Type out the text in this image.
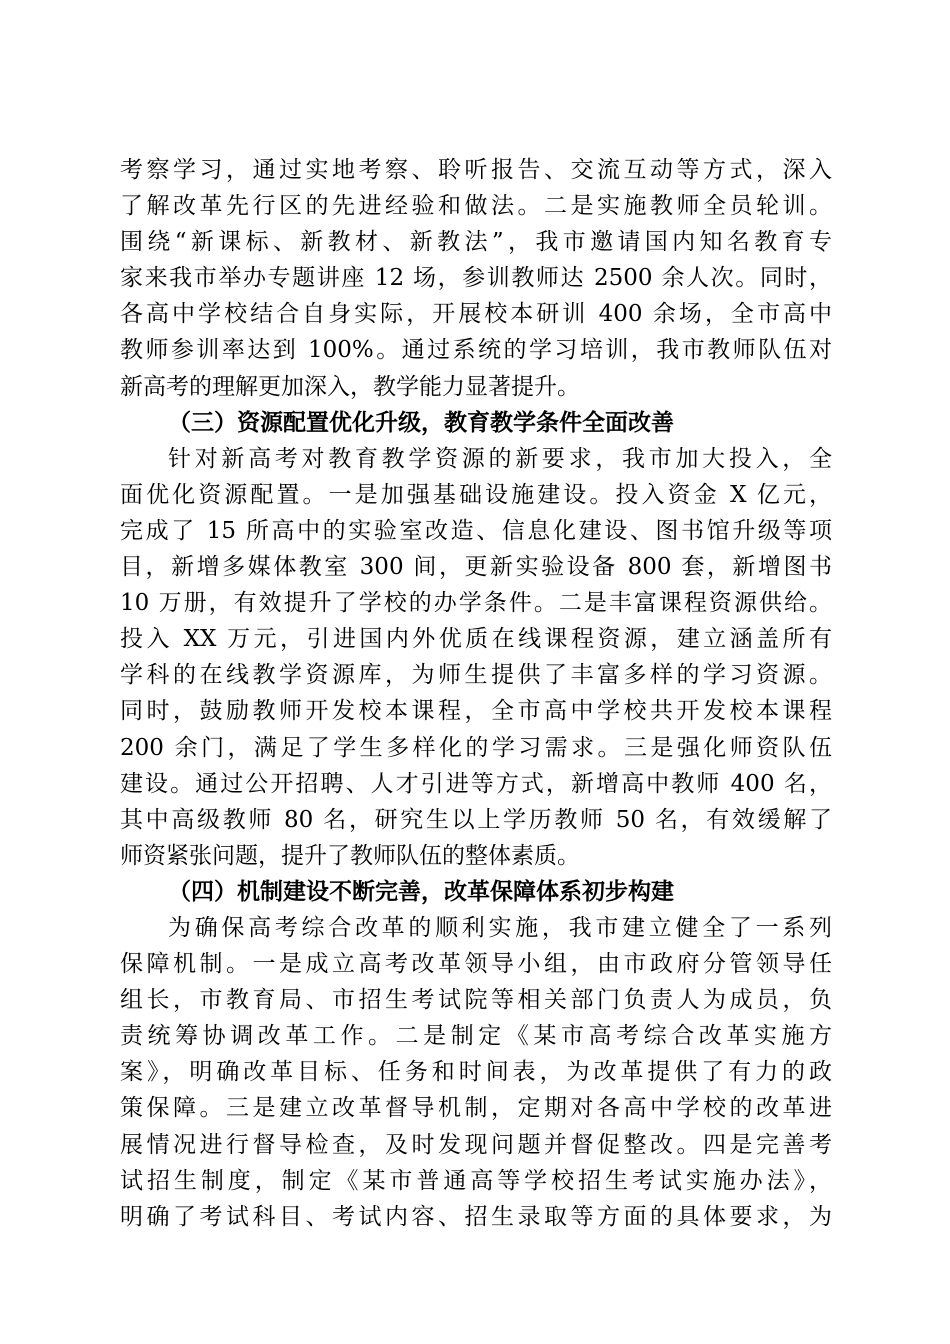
考察学习，通过实地考察、聆听报告、交流互动等方式，深入
了解改革先行区的先进经验和做法。二是实施教师全员轮训。
围绕“新课标、新教材、新教法”，我市邀请国内知名教育专
家来我市举办专题讲座 12 场，参训教师达 2500 余人次。同时，
各高中学校结合自身实际，开展校本研训 400 余场，全市高中
教师参训率达到 100%。通过系统的学习培训，我市教师队伍对
新高考的理解更加深入，教学能力显著提升。
（三）资源配置优化升级，教育教学条件全面改善
针对新高考对教育教学资源的新要求，我市加大投入，全
面优化资源配置。一是加强基础设施建设。投入资金 X 亿元，
完成了 15 所高中的实验室改造、信息化建设、图书馆升级等项
目，新增多媒体教室 300 间，更新实验设备 800 套，新增图书
10 万册，有效提升了学校的办学条件。二是丰富课程资源供给。
投入 XX 万元，引进国内外优质在线课程资源，建立涵盖所有
学科的在线教学资源库，为师生提供了丰富多样的学习资源。
同时，鼓励教师开发校本课程，全市高中学校共开发校本课程
200 余门，满足了学生多样化的学习需求。三是强化师资队伍
建设。通过公开招聘、人才引进等方式，新增高中教师 400 名，
其中高级教师 80 名，研究生以上学历教师 50 名，有效缓解了
师资紧张问题，提升了教师队伍的整体素质。
（四）机制建设不断完善，改革保障体系初步构建
为确保高考综合改革的顺利实施，我市建立健全了一系列
保障机制。一是成立高考改革领导小组，由市政府分管领导任
组长，市教育局、市招生考试院等相关部门负责人为成员，负
责统筹协调改革工作。二是制定《某市高考综合改革实施方
案》，明确改革目标、任务和时间表，为改革提供了有力的政
策保障。三是建立改革督导机制，定期对各高中学校的改革进
展情况进行督导检查，及时发现问题并督促整改。四是完善考
试招生制度，制定《某市普通高等学校招生考试实施办法》，
明确了考试科目、考试内容、招生录取等方面的具体要求，为
